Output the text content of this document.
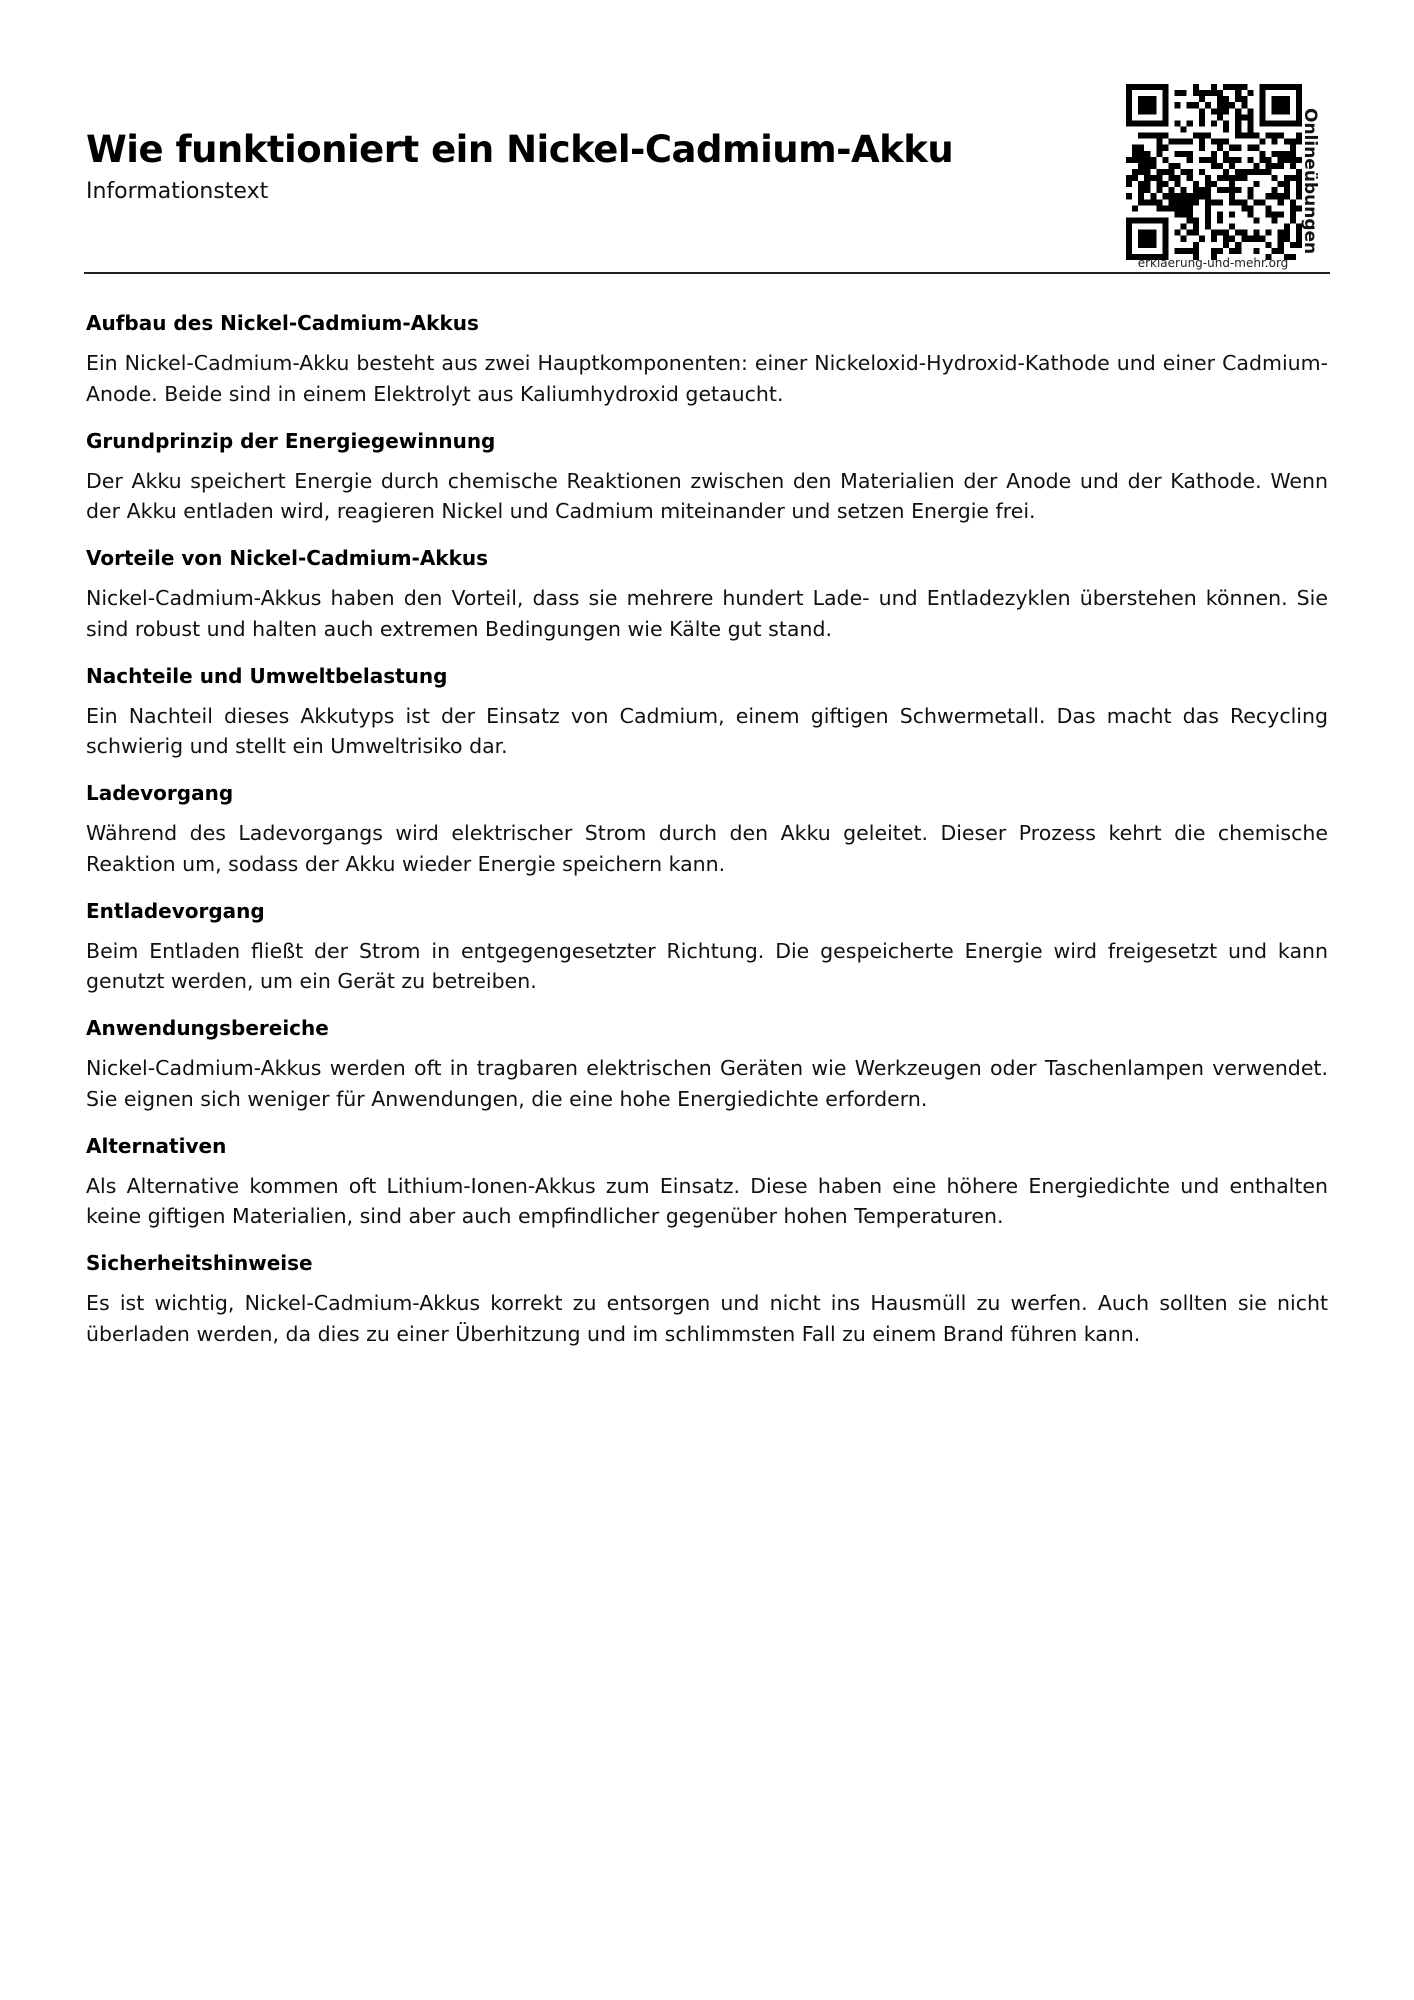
Wie funktioniert ein Nickel-Cadmium-Akku
Informationstext	Onlineübungen
erklaerung-und-mehr.org
Aufbau des Nickel-Cadmium-Akkus

Ein Nickel-Cadmium-Akku besteht aus zwei Hauptkomponenten: einer Nickeloxid-Hydroxid-Kathode und einer Cadmium-Anode. Beide sind in einem Elektrolyt aus Kaliumhydroxid getaucht.

Grundprinzip der Energiegewinnung

Der Akku speichert Energie durch chemische Reaktionen zwischen den Materialien der Anode und der Kathode. Wenn der Akku entladen wird, reagieren Nickel und Cadmium miteinander und setzen Energie frei.

Vorteile von Nickel-Cadmium-Akkus

Nickel-Cadmium-Akkus haben den Vorteil, dass sie mehrere hundert Lade- und Entladezyklen überstehen können. Sie sind robust und halten auch extremen Bedingungen wie Kälte gut stand.

Nachteile und Umweltbelastung

Ein Nachteil dieses Akkutyps ist der Einsatz von Cadmium, einem giftigen Schwermetall. Das macht das Recycling schwierig und stellt ein Umweltrisiko dar.

Ladevorgang

Während des Ladevorgangs wird elektrischer Strom durch den Akku geleitet. Dieser Prozess kehrt die chemische Reaktion um, sodass der Akku wieder Energie speichern kann.

Entladevorgang

Beim Entladen fließt der Strom in entgegengesetzter Richtung. Die gespeicherte Energie wird freigesetzt und kann genutzt werden, um ein Gerät zu betreiben.

Anwendungsbereiche

Nickel-Cadmium-Akkus werden oft in tragbaren elektrischen Geräten wie Werkzeugen oder Taschenlampen verwendet. Sie eignen sich weniger für Anwendungen, die eine hohe Energiedichte erfordern.

Alternativen

Als Alternative kommen oft Lithium-Ionen-Akkus zum Einsatz. Diese haben eine höhere Energiedichte und enthalten keine giftigen Materialien, sind aber auch empfindlicher gegenüber hohen Temperaturen.

Sicherheitshinweise

Es ist wichtig, Nickel-Cadmium-Akkus korrekt zu entsorgen und nicht ins Hausmüll zu werfen. Auch sollten sie nicht überladen werden, da dies zu einer Überhitzung und im schlimmsten Fall zu einem Brand führen kann.
